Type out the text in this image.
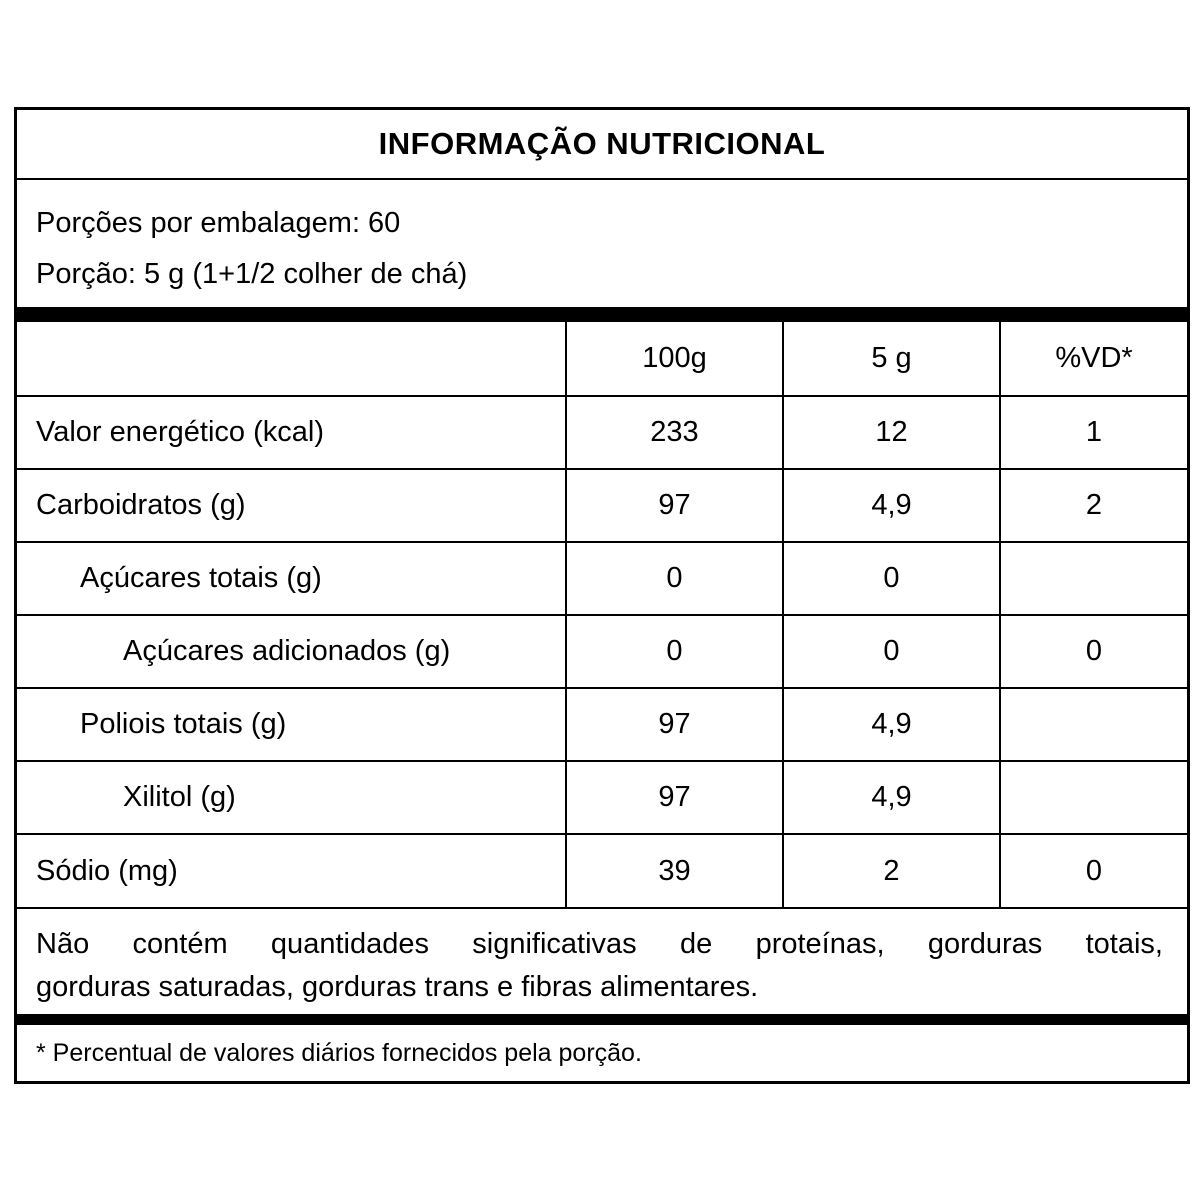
INFORMAÇÃO NUTRICIONAL
Porções por embalagem: 60
Porção: 5 g (1+1/2 colher de chá)
	100g	5 g	%VD*
Valor energético (kcal)	233	12	1
Carboidratos (g)	97	4,9	2
Açúcares totais (g)	0	0	
Açúcares adicionados (g)	0	0	0
Poliois totais (g)	97	4,9	
Xilitol (g)	97	4,9	
Sódio (mg)	39	2	0
Não contém quantidades significativas de proteínas, gorduras totais,
gorduras saturadas, gorduras trans e fibras alimentares.
* Percentual de valores diários fornecidos pela porção.
